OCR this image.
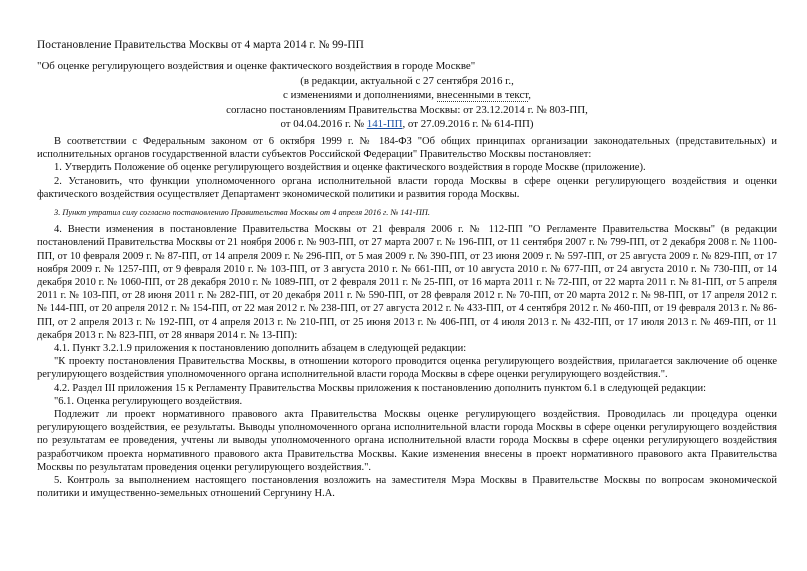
Постановление Правительства Москвы от 4 марта 2014 г. № 99-ПП
"Об оценке регулирующего воздействия и оценке фактического воздействия в городе Москве"
(в редакции, актуальной с 27 сентября 2016 г.,
с изменениями и дополнениями, внесенными в текст,
согласно постановлениям Правительства Москвы: от 23.12.2014 г. № 803-ПП,
от 04.04.2016 г. № 141-ПП, от 27.09.2016 г. № 614-ПП)

В соответствии с Федеральным законом от 6 октября 1999 г. № 184-ФЗ "Об общих принципах организации законодательных (представительных) и исполнительных органов государственной власти субъектов Российской Федерации" Правительство Москвы постановляет:

1. Утвердить Положение об оценке регулирующего воздействия и оценке фактического воздействия в городе Москве (приложение).

2. Установить, что функции уполномоченного органа исполнительной власти города Москвы в сфере оценки регулирующего воздействия и оценки фактического воздействия осуществляет Департамент экономической политики и развития города Москвы.

3. Пункт утратил силу согласно постановлению Правительства Москвы от 4 апреля 2016 г. № 141-ПП.

4. Внести изменения в постановление Правительства Москвы от 21 февраля 2006 г. № 112-ПП "О Регламенте Правительства Москвы" (в редакции постановлений Правительства Москвы от 21 ноября 2006 г. № 903-ПП, от 27 марта 2007 г. № 196-ПП, от 11 сентября 2007 г. № 799-ПП, от 2 декабря 2008 г. № 1100-ПП, от 10 февраля 2009 г. № 87-ПП, от 14 апреля 2009 г. № 296-ПП, от 5 мая 2009 г. № 390-ПП, от 23 июня 2009 г. № 597-ПП, от 25 августа 2009 г. № 829-ПП, от 17 ноября 2009 г. № 1257-ПП, от 9 февраля 2010 г. № 103-ПП, от 3 августа 2010 г. № 661-ПП, от 10 августа 2010 г. № 677-ПП, от 24 августа 2010 г. № 730-ПП, от 14 декабря 2010 г. № 1060-ПП, от 28 декабря 2010 г. № 1089-ПП, от 2 февраля 2011 г. № 25-ПП, от 16 марта 2011 г. № 72-ПП, от 22 марта 2011 г. № 81-ПП, от 5 апреля 2011 г. № 103-ПП, от 28 июня 2011 г. № 282-ПП, от 20 декабря 2011 г. № 590-ПП, от 28 февраля 2012 г. № 70-ПП, от 20 марта 2012 г. № 98-ПП, от 17 апреля 2012 г. № 144-ПП, от 20 апреля 2012 г. № 154-ПП, от 22 мая 2012 г. № 238-ПП, от 27 августа 2012 г. № 433-ПП, от 4 сентября 2012 г. № 460-ПП, от 19 февраля 2013 г. № 86-ПП, от 2 апреля 2013 г. № 192-ПП, от 4 апреля 2013 г. № 210-ПП, от 25 июня 2013 г. № 406-ПП, от 4 июля 2013 г. № 432-ПП, от 17 июля 2013 г. № 469-ПП, от 11 декабря 2013 г. № 823-ПП, от 28 января 2014 г. № 13-ПП):

4.1. Пункт 3.2.1.9 приложения к постановлению дополнить абзацем в следующей редакции:

"К проекту постановления Правительства Москвы, в отношении которого проводится оценка регулирующего воздействия, прилагается заключение об оценке регулирующего воздействия уполномоченного органа исполнительной власти города Москвы в сфере оценки регулирующего воздействия.".

4.2. Раздел III приложения 15 к Регламенту Правительства Москвы приложения к постановлению дополнить пунктом 6.1 в следующей редакции:

"6.1. Оценка регулирующего воздействия.

Подлежит ли проект нормативного правового акта Правительства Москвы оценке регулирующего воздействия. Проводилась ли процедура оценки регулирующего воздействия, ее результаты. Выводы уполномоченного органа исполнительной власти города Москвы в сфере оценки регулирующего воздействия по результатам ее проведения, учтены ли выводы уполномоченного органа исполнительной власти города Москвы в сфере оценки регулирующего воздействия разработчиком проекта нормативного правового акта Правительства Москвы. Какие изменения внесены в проект нормативного правового акта Правительства Москвы по результатам проведения оценки регулирующего воздействия.".

5. Контроль за выполнением настоящего постановления возложить на заместителя Мэра Москвы в Правительстве Москвы по вопросам экономической политики и имущественно-земельных отношений Сергунину Н.А.
